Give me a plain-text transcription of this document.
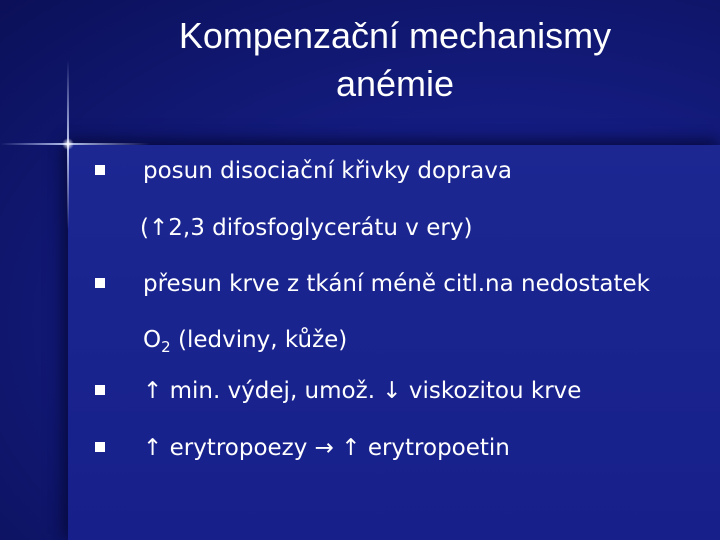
Kompenzační mechanismy
anémie
posun disociační křivky doprava
(↑2,3 difosfoglycerátu v ery)
přesun krve z tkání méně citl.na nedostatek
$O_2$ (ledviny, kůže)
↑ min. výdej, umož. ↓ viskozitou krve
↑ erytropoezy → ↑ erytropoetin
